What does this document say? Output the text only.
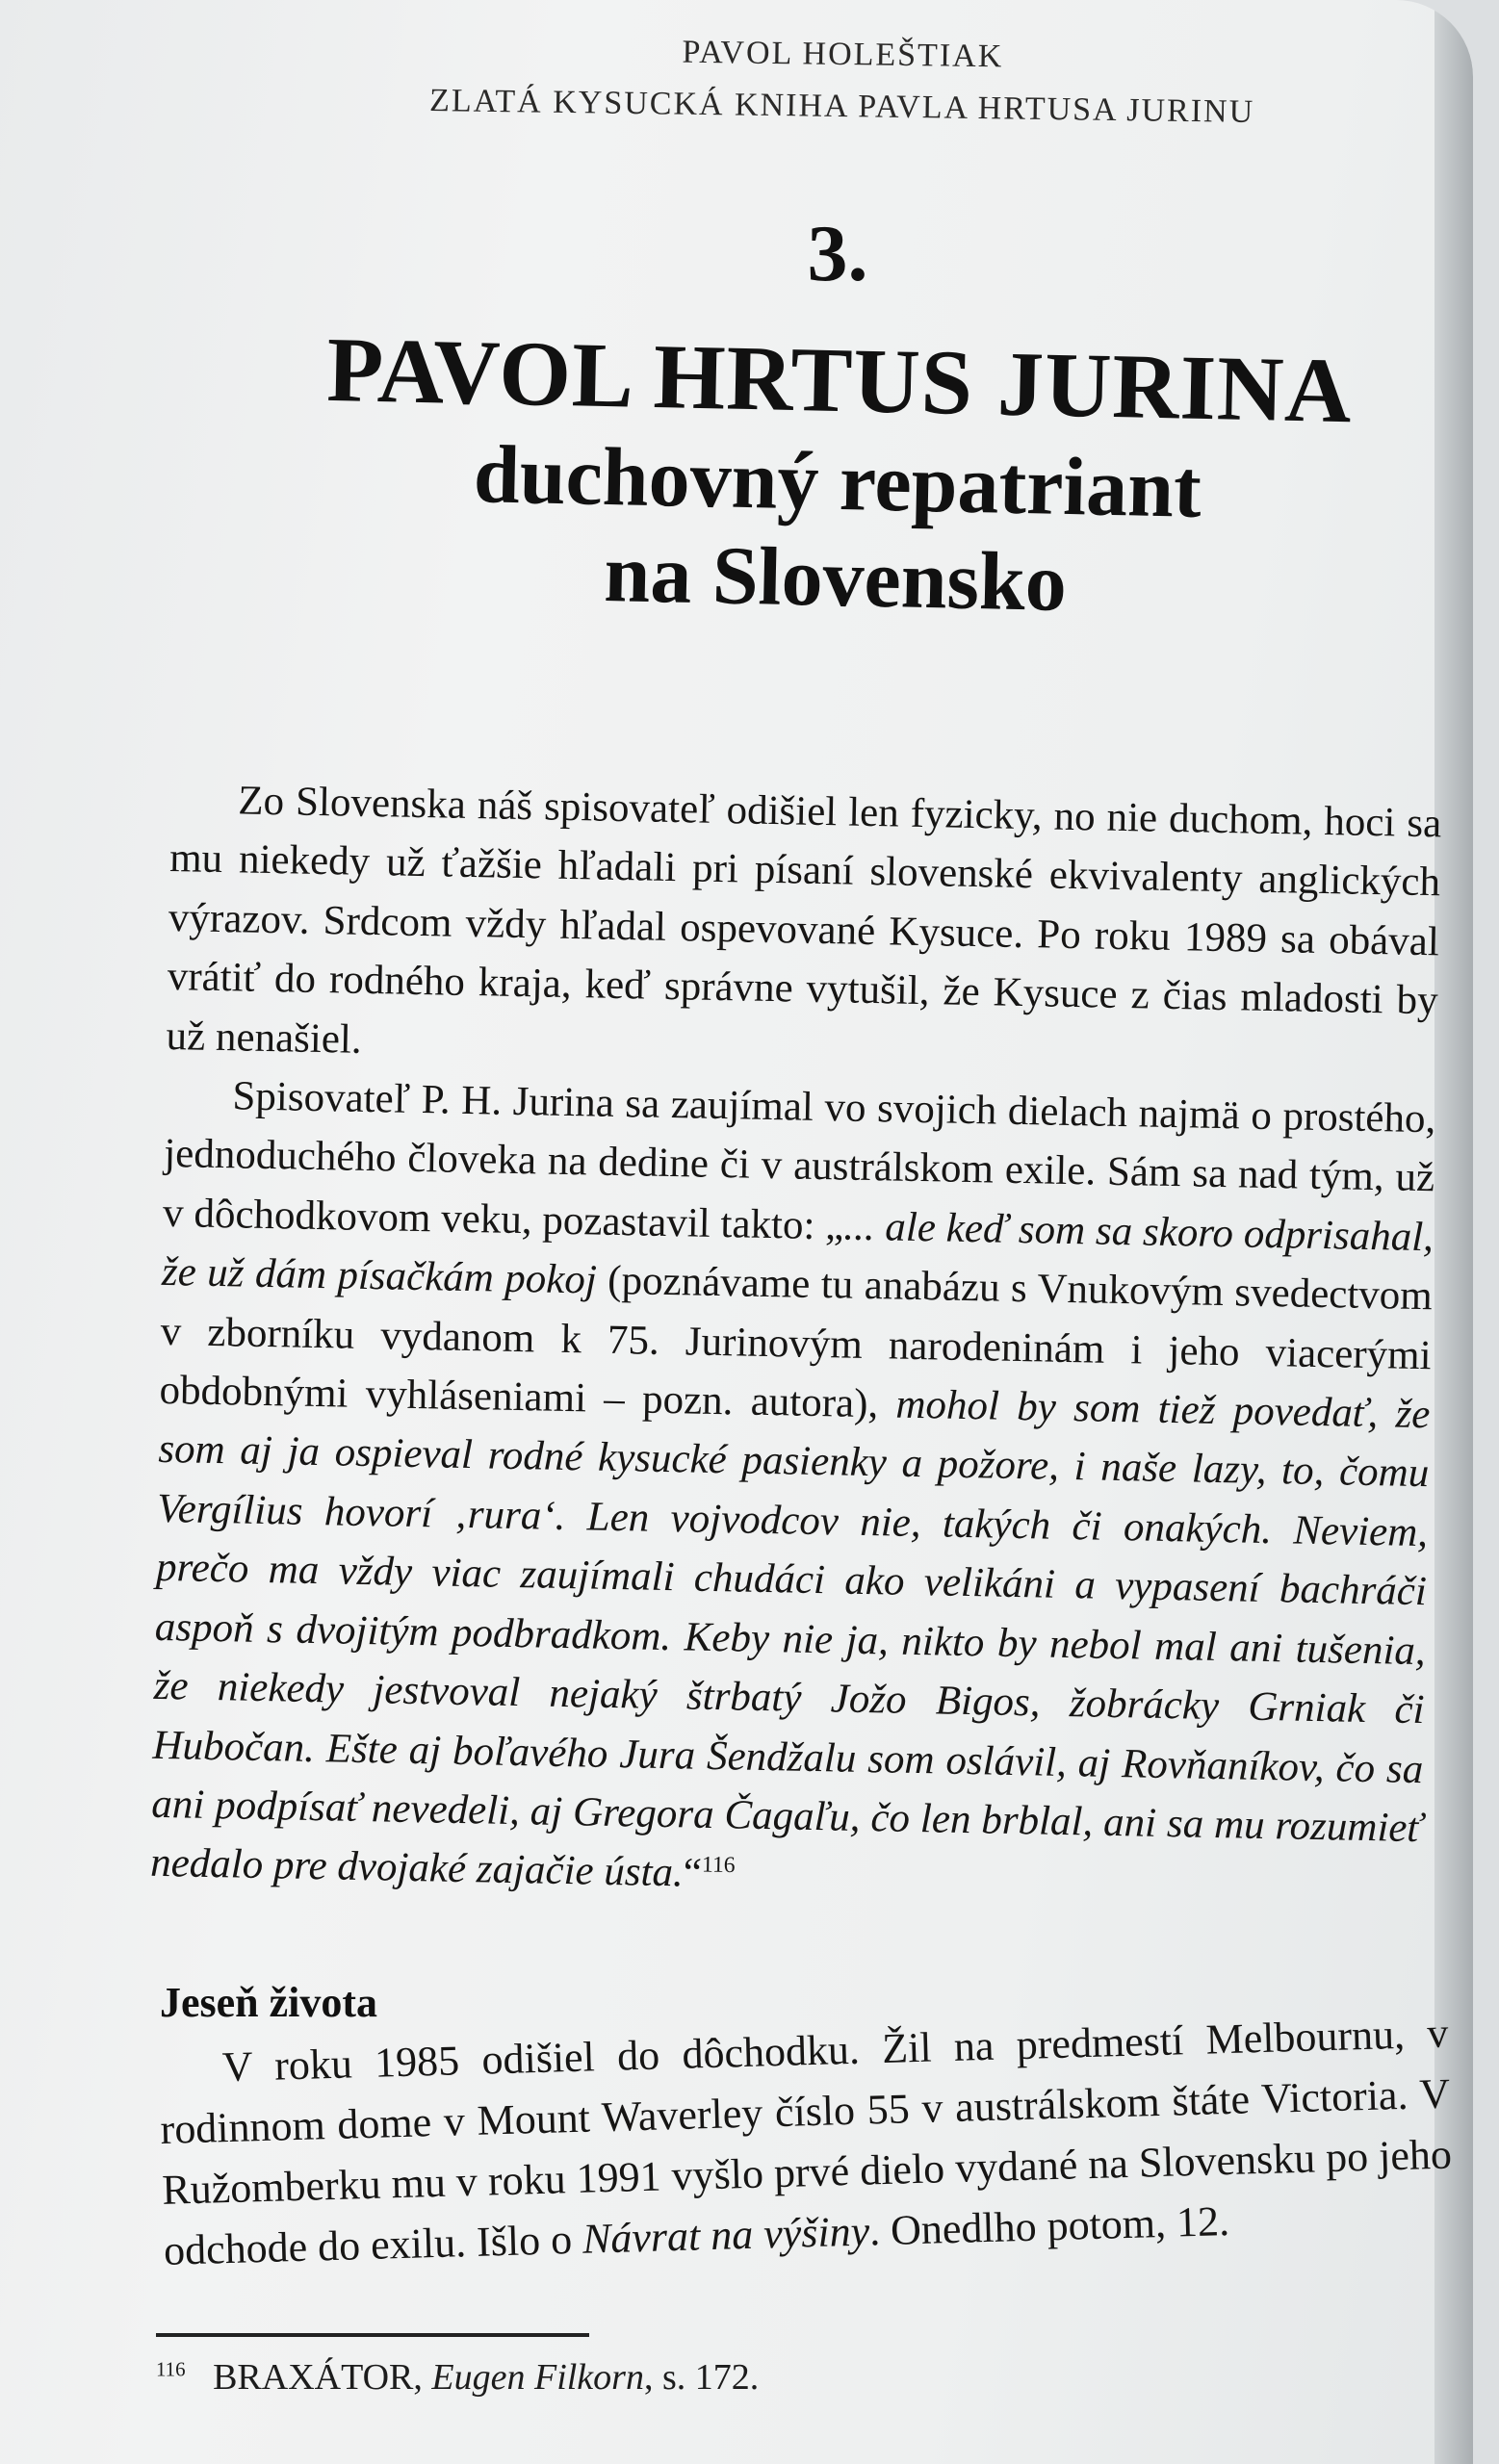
PAVOL HOLEŠTIAK
ZLATÁ KYSUCKÁ KNIHA PAVLA HRTUSA JURINU
3.
PAVOL HRTUS JURINA
duchovný repatriant
na Slovensko

Zo Slovenska náš spisovateľ odišiel len fyzicky, no nie duchom, hoci sa mu niekedy už ťažšie hľadali pri písaní slovenské ekvivalenty anglických výrazov. Srdcom vždy hľadal ospevované Kysuce. Po roku 1989 sa obával vrátiť do rodného kraja, keď správne vytušil, že Kysuce z čias mladosti by už nenašiel.

Spisovateľ P. H. Jurina sa zaujímal vo svojich dielach najmä o prostého, jednoduchého človeka na dedine či v austrálskom exile. Sám sa nad tým, už v dôchodkovom veku, pozastavil takto: „... ale keď som sa skoro odprisahal, že už dám písačkám pokoj (poznávame tu anabázu s Vnukovým svedectvom v zborníku vydanom k 75. Jurinovým narodeninám i jeho viacerými obdobnými vyhláseniami – pozn. autora), mohol by som tiež povedať, že som aj ja ospieval rodné kysucké pasienky a požore, i naše lazy, to, čomu Vergílius hovorí ‚rura‘. Len vojvodcov nie, takých či onakých. Neviem, prečo ma vždy viac zaujímali chudáci ako velikáni a vypasení bachráči aspoň s dvojitým podbradkom. Keby nie ja, nikto by nebol mal ani tušenia, že niekedy jestvoval nejaký štrbatý Jožo Bigos, žobrácky Grniak či Hubočan. Ešte aj boľavého Jura Šendžalu som oslávil, aj Rovňaníkov, čo sa ani podpísať nevedeli, aj Gregora Čagaľu, čo len brblal, ani sa mu rozumieť nedalo pre dvojaké zajačie ústa.“$^{116}$

Jeseň života

V roku 1985 odišiel do dôchodku. Žil na predmestí Melbournu, v rodinnom dome v Mount Waverley číslo 55 v austrálskom štáte Victoria. V Ružomberku mu v roku 1991 vyšlo prvé dielo vydané na Slovensku po jeho odchode do exilu. Išlo o Návrat na výšiny. Onedlho potom, 12.

$^{116}$ BRAXÁTOR, Eugen Filkorn, s. 172.
